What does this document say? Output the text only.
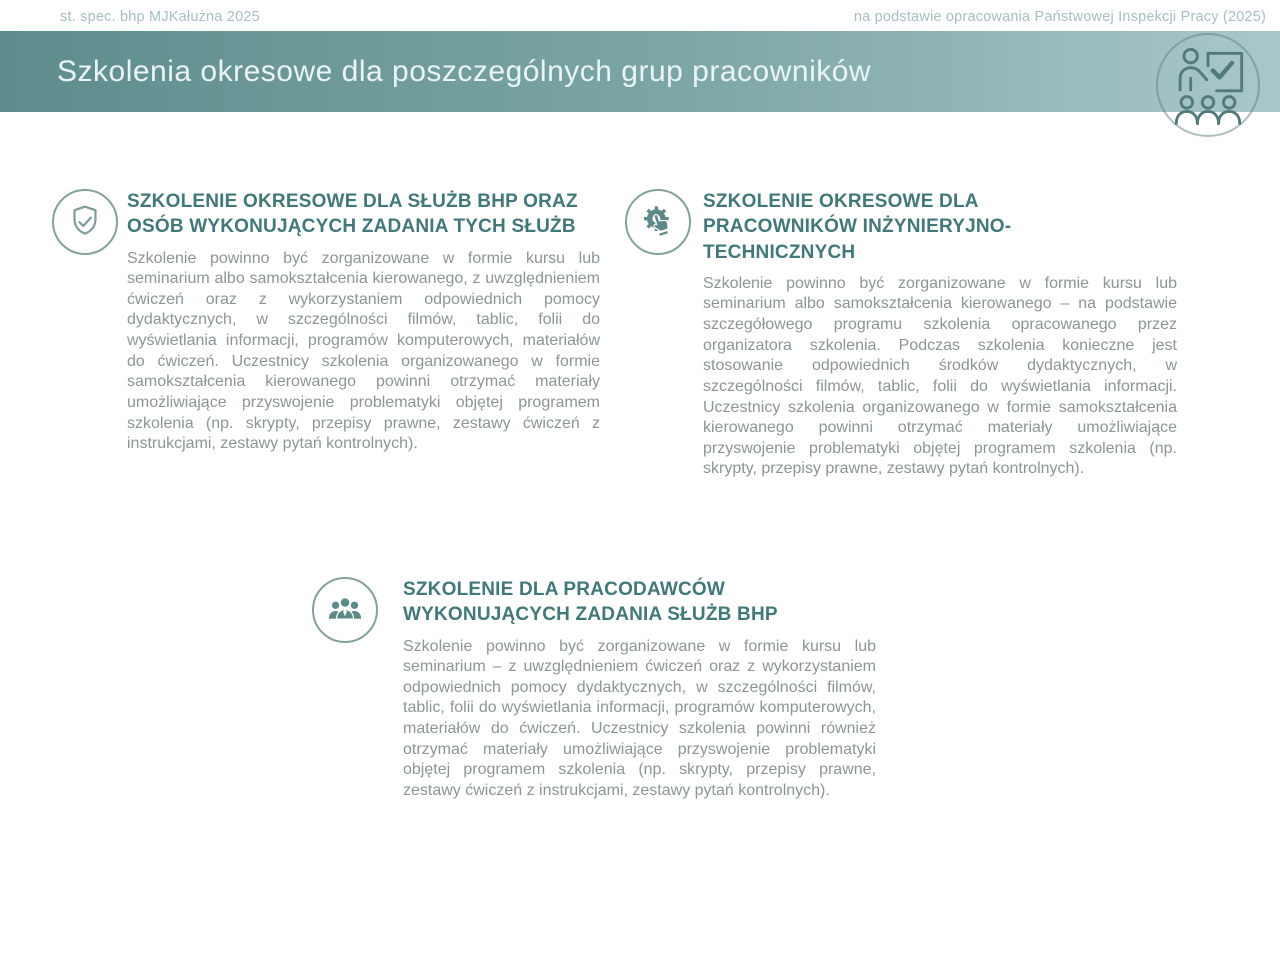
st. spec. bhp MJKałużna 2025	na podstawie opracowania Państwowej Inspekcji Pracy (2025)
Szkolenia okresowe dla poszczególnych grup pracowników
SZKOLENIE OKRESOWE DLA SŁUŻB BHP ORAZ OSÓB WYKONUJĄCYCH ZADANIA TYCH SŁUŻB
Szkolenie powinno być zorganizowane w formie kursu lub seminarium albo samokształcenia kierowanego, z uwzględnieniem ćwiczeń oraz z wykorzystaniem odpowiednich pomocy dydaktycznych, w szczególności filmów, tablic, folii do wyświetlania informacji, programów komputerowych, materiałów do ćwiczeń. Uczestnicy szkolenia organizowanego w formie samokształcenia kierowanego powinni otrzymać materiały umożliwiające przyswojenie problematyki objętej programem szkolenia (np. skrypty, przepisy prawne, zestawy ćwiczeń z instrukcjami, zestawy pytań kontrolnych).
SZKOLENIE OKRESOWE DLA PRACOWNIKÓW INŻYNIERYJNO-TECHNICZNYCH
Szkolenie powinno być zorganizowane w formie kursu lub seminarium albo samokształcenia kierowanego – na podstawie szczegółowego programu szkolenia opracowanego przez organizatora szkolenia. Podczas szkolenia konieczne jest stosowanie odpowiednich środków dydaktycznych, w szczególności filmów, tablic, folii do wyświetlania informacji. Uczestnicy szkolenia organizowanego w formie samokształcenia kierowanego powinni otrzymać materiały umożliwiające przyswojenie problematyki objętej programem szkolenia (np. skrypty, przepisy prawne, zestawy pytań kontrolnych).
SZKOLENIE DLA PRACODAWCÓW WYKONUJĄCYCH ZADANIA SŁUŻB BHP
Szkolenie powinno być zorganizowane w formie kursu lub seminarium – z uwzględnieniem ćwiczeń oraz z wykorzystaniem odpowiednich pomocy dydaktycznych, w szczególności filmów, tablic, folii do wyświetlania informacji, programów komputerowych, materiałów do ćwiczeń. Uczestnicy szkolenia powinni również otrzymać materiały umożliwiające przyswojenie problematyki objętej programem szkolenia (np. skrypty, przepisy prawne, zestawy ćwiczeń z instrukcjami, zestawy pytań kontrolnych).
